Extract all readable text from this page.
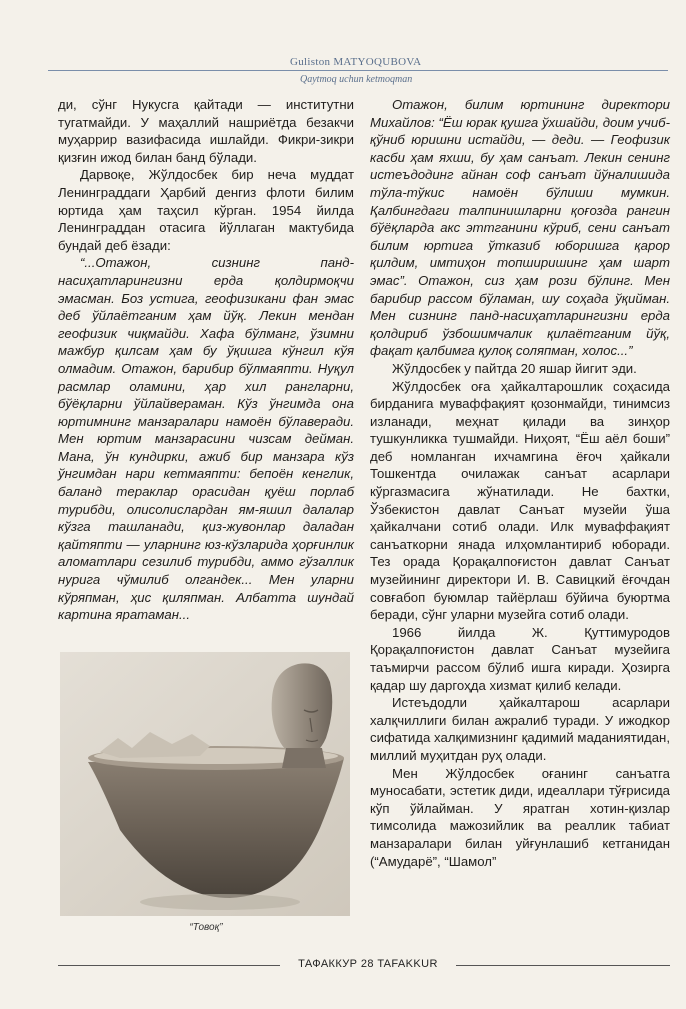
Guliston MATYOQUBOVA
Qaytmoq uchun ketmoqman

ди, сўнг Нукусга қайтади — институтни тугатмайди. У маҳаллий нашриётда безакчи муҳаррир вазифасида ишлайди. Фикри-зикри қизғин ижод билан банд бўлади.

Дарвоқе, Жўлдосбек бир неча муддат Ленинграддаги Ҳарбий денгиз флоти билим юртида ҳам таҳсил кўрган. 1954 йилда Ленинграддан отасига йўллаган мактубида бундай деб ёзади:

“...Отажон, сизнинг панд-насиҳатларингизни ерда қолдирмоқчи эмасман. Боз устига, геофизикани фан эмас деб ўйлаётганим ҳам йўқ. Лекин мендан геофизик чиқмайди. Хафа бўлманг, ўзимни мажбур қилсам ҳам бу ўқишга кўнгил кўя олмадим. Отажон, барибир бўлмаяпти. Нуқул расмлар оламини, ҳар хил рангларни, бўёқларни ўйлайвераман. Кўз ўнгимда она юртимнинг манзаралари намоён бўлаверади. Мен юртим манзарасини чизсам дейман. Мана, ўн кундирки, ажиб бир манзара кўз ўнгимдан нари кетмаяпти: бепоён кенглик, баланд тераклар орасидан қуёш порлаб турибди, олисолислардан ям-яшил далалар кўзга ташланади, қиз-жувонлар даладан қайтяпти — уларнинг юз-кўзларида ҳорғинлик аломатлари сезилиб турибди, аммо гўзаллик нурига чўмилиб олгандек... Мен уларни кўряпман, ҳис қиляпман. Албатта шундай картина яратаман...

“Товоқ”

Отажон, билим юртининг директори Михайлов: “Ёш юрак қушга ўхшайди, доим учиб-қўниб юришни истайди, — деди. — Геофизик касби ҳам яхши, бу ҳам санъат. Лекин сенинг истеъдодинг айнан соф санъат йўналишида тўла-тўкис намоён бўлиши мумкин. Қалбингдаги талпинишларни қоғозда рангин бўёқларда акс эттганини кўриб, сени санъат билим юртига ўтказиб юборишга қарор қилдим, имтиҳон топширишинг ҳам шарт эмас”. Отажон, сиз ҳам рози бўлинг. Мен барибир рассом бўламан, шу соҳада ўқийман. Мен сизнинг панд-насиҳатларингизни ерда қолдириб ўзбошимчалик қилаётганим йўқ, фақат қалбимга қулоқ соляпман, холос...”

Жўлдосбек у пайтда 20 яшар йигит эди.

Жўлдосбек оға ҳайкалтарошлик соҳасида бирданига муваффақият қозонмайди, тинимсиз изланади, меҳнат қилади ва зинҳор тушкунликка тушмайди. Ниҳоят, “Ёш аёл боши” деб номланган ихчамгина ёғоч ҳайкали Тошкентда очилажак санъат асарлари кўргазмасига жўнатилади. Не бахтки, Ўзбекистон давлат Санъат музейи ўша ҳайкалчани сотиб олади. Илк муваффақият санъаткорни янада илҳомлантириб юборади. Тез орада Қорақалпоғистон давлат Санъат музейининг директори И. В. Савицкий ёғочдан совғабоп буюмлар тайёрлаш бўйича буюртма беради, сўнг уларни музейга сотиб олади.

1966 йилда Ж. Қуттимуродов Қорақалпоғистон давлат Санъат музейига таъмирчи рассом бўлиб ишга киради. Ҳозирга қадар шу даргоҳда хизмат қилиб келади.

Истеъдодли ҳайкалтарош асарлари халқчиллиги билан ажралиб туради. У ижодкор сифатида халқимизнинг қадимий маданиятидан, миллий муҳитдан руҳ олади.

Мен Жўлдосбек оғанинг санъатга муносабати, эстетик диди, идеаллари тўғрисида кўп ўйлайман. У яратган хотин-қизлар тимсолида мажозийлик ва реаллик табиат манзаралари билан уйғунлашиб кетганидан (“Амударё”, “Шамол”

ТАФАККУР 28 TAFAKKUR
